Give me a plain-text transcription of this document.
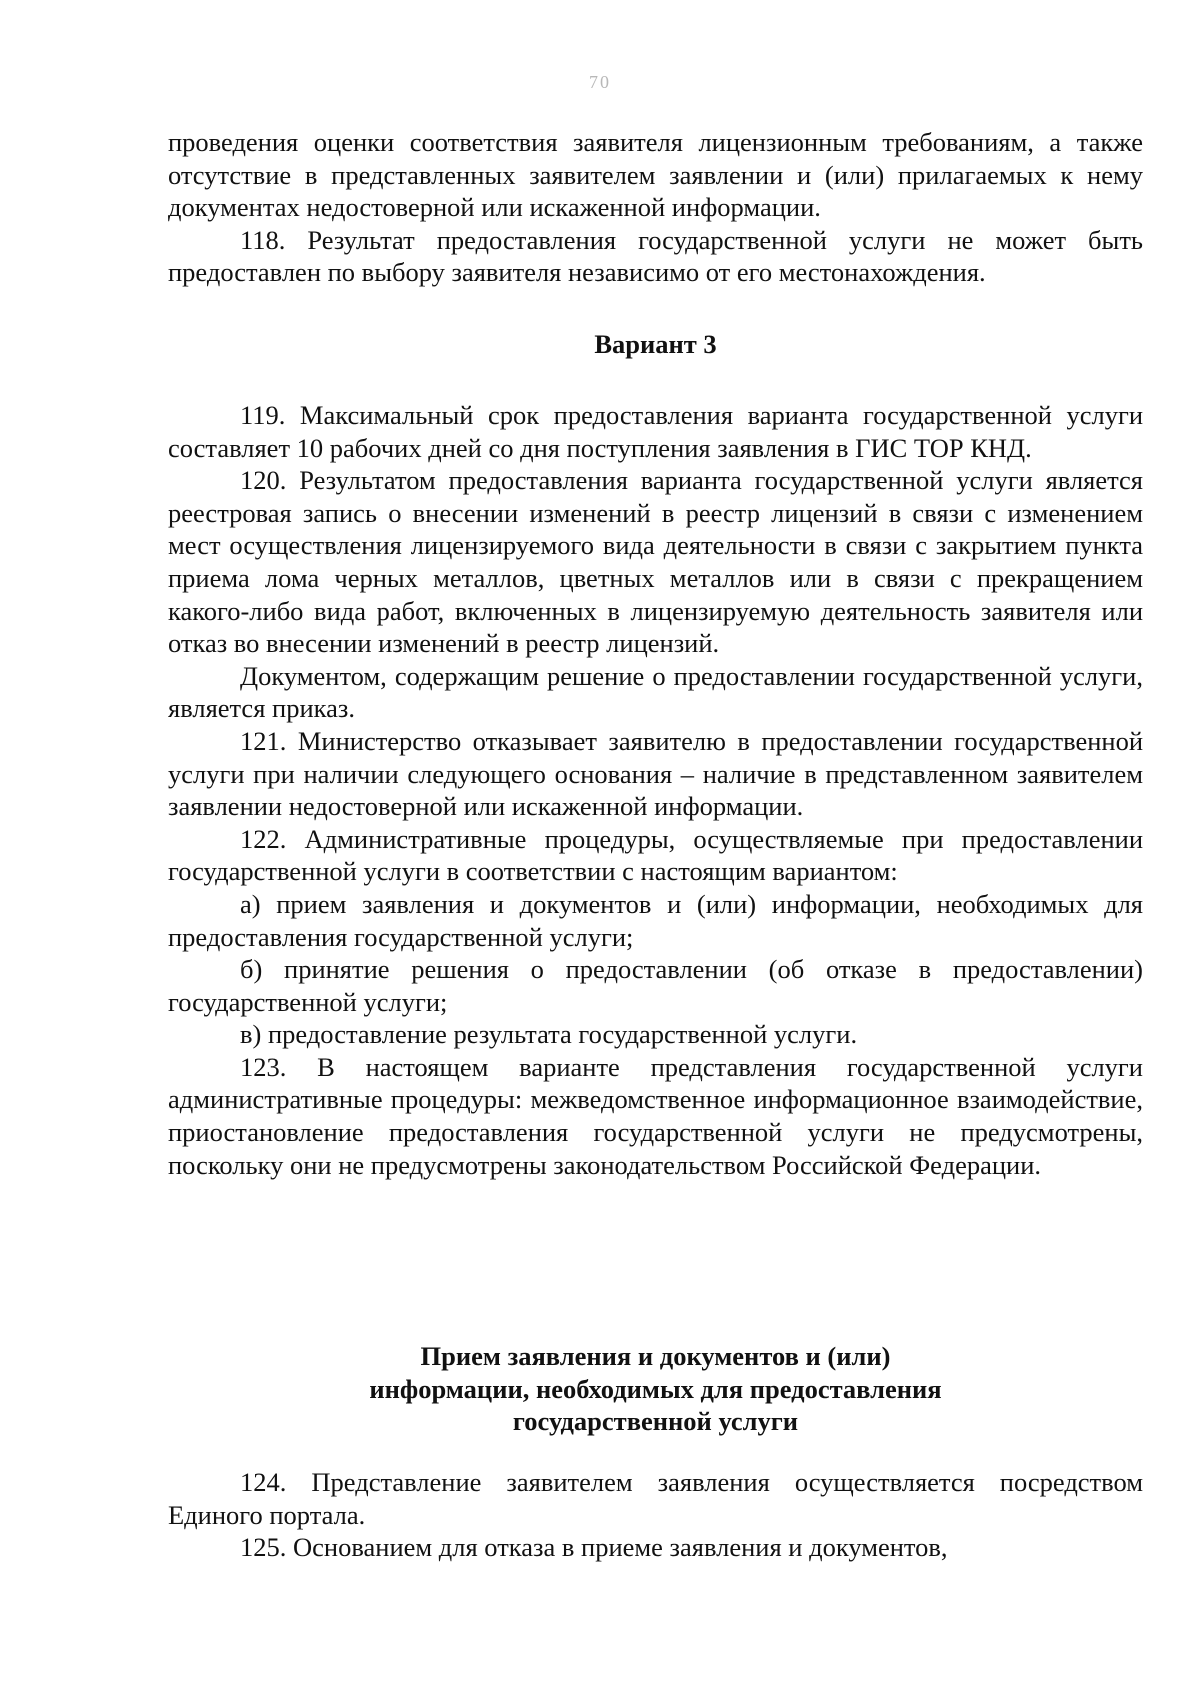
70

проведения оценки соответствия заявителя лицензионным требованиям, а также отсутствие в представленных заявителем заявлении и (или) прилагаемых к нему документах недостоверной или искаженной информации.

118. Результат предоставления государственной услуги не может быть предоставлен по выбору заявителя независимо от его местонахождения.

Вариант 3

119. Максимальный срок предоставления варианта государственной услуги составляет 10 рабочих дней со дня поступления заявления в ГИС ТОР КНД.

120. Результатом предоставления варианта государственной услуги является реестровая запись о внесении изменений в реестр лицензий в связи с изменением мест осуществления лицензируемого вида деятельности в связи с закрытием пункта приема лома черных металлов, цветных металлов или в связи с прекращением какого-либо вида работ, включенных в лицензируемую деятельность заявителя или отказ во внесении изменений в реестр лицензий.

Документом, содержащим решение о предоставлении государственной услуги, является приказ.

121. Министерство отказывает заявителю в предоставлении государственной услуги при наличии следующего основания – наличие в представленном заявителем заявлении недостоверной или искаженной информации.

122. Административные процедуры, осуществляемые при предоставлении государственной услуги в соответствии с настоящим вариантом:

а) прием заявления и документов и (или) информации, необходимых для предоставления государственной услуги;

б) принятие решения о предоставлении (об отказе в предоставлении) государственной услуги;

в) предоставление результата государственной услуги.

123. В настоящем варианте представления государственной услуги административные процедуры: межведомственное информационное взаимодействие, приостановление предоставления государственной услуги не предусмотрены, поскольку они не предусмотрены законодательством Российской Федерации.

Прием заявления и документов и (или)
информации, необходимых для предоставления
государственной услуги

124. Представление заявителем заявления осуществляется посредством Единого портала.

125. Основанием для отказа в приеме заявления и документов,
